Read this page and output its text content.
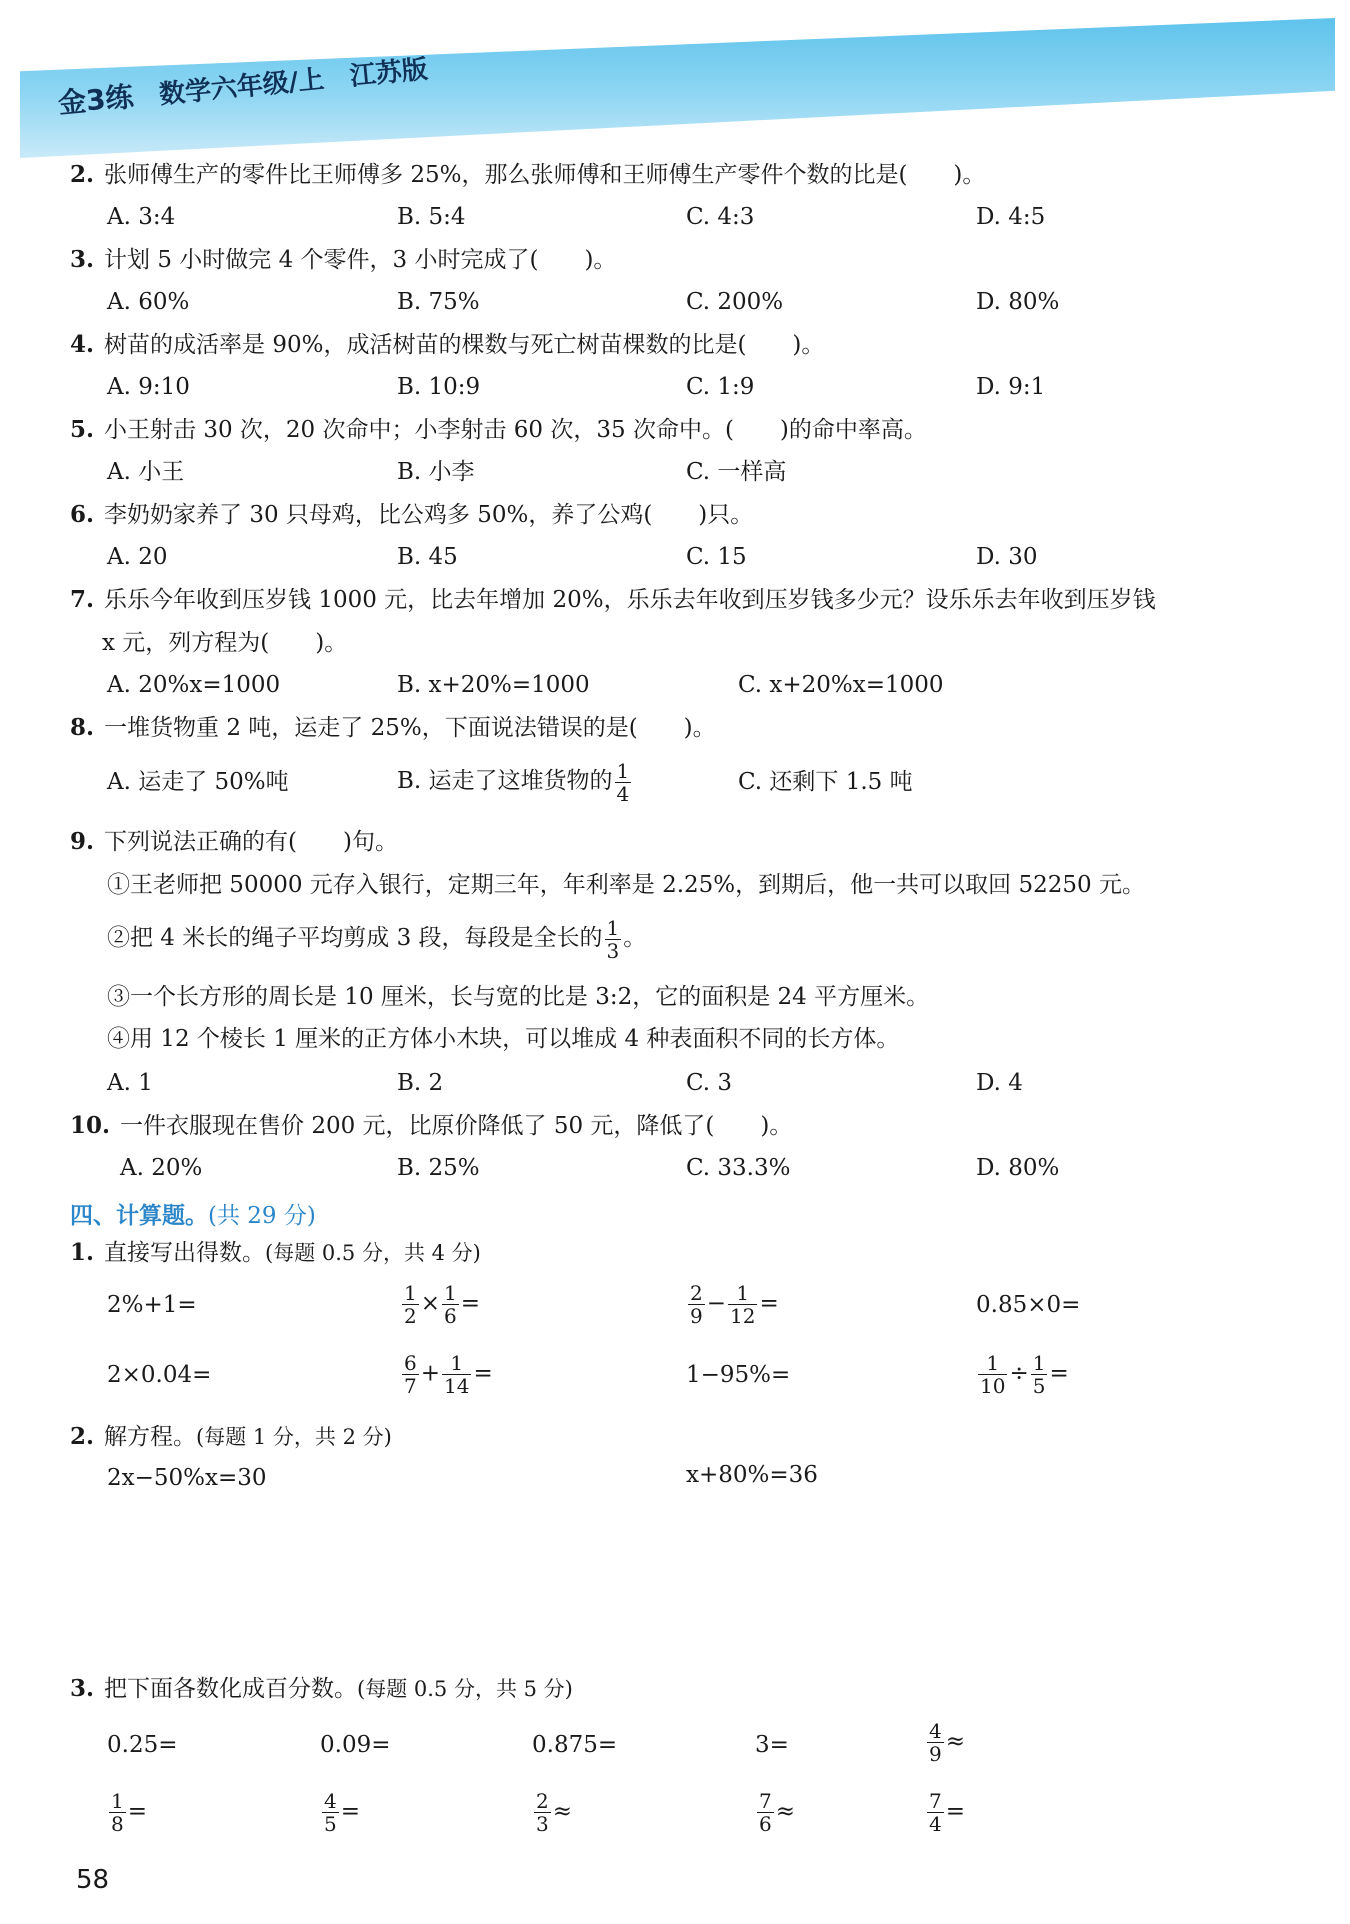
金3练 数学六年级/上 江苏版
2. 张师傅生产的零件比王师傅多 25%，那么张师傅和王师傅生产零件个数的比是(　　)。
A. 3:4	B. 5:4	C. 4:3	D. 4:5
3. 计划 5 小时做完 4 个零件，3 小时完成了(　　)。
A. 60%	B. 75%	C. 200%	D. 80%
4. 树苗的成活率是 90%，成活树苗的棵数与死亡树苗棵数的比是(　　)。
A. 9:10	B. 10:9	C. 1:9	D. 9:1
5. 小王射击 30 次，20 次命中；小李射击 60 次，35 次命中。(　　)的命中率高。
A. 小王	B. 小李	C. 一样高
6. 李奶奶家养了 30 只母鸡，比公鸡多 50%，养了公鸡(　　)只。
A. 20	B. 45	C. 15	D. 30
7. 乐乐今年收到压岁钱 1000 元，比去年增加 20%，乐乐去年收到压岁钱多少元？设乐乐去年收到压岁钱
x 元，列方程为(　　)。
A. 20%x=1000	B. x+20%=1000	C. x+20%x=1000
8. 一堆货物重 2 吨，运走了 25%，下面说法错误的是(　　)。
A. 运走了 50%吨	B. 运走了这堆货物的 $\frac{1}{4}$	C. 还剩下 1.5 吨
9. 下列说法正确的有(　　)句。
①王老师把 50000 元存入银行，定期三年，年利率是 2.25%，到期后，他一共可以取回 52250 元。
②把 4 米长的绳子平均剪成 3 段，每段是全长的 $\frac{1}{3}$ 。
③一个长方形的周长是 10 厘米，长与宽的比是 3:2，它的面积是 24 平方厘米。
④用 12 个棱长 1 厘米的正方体小木块，可以堆成 4 种表面积不同的长方体。
A. 1	B. 2	C. 3	D. 4
10. 一件衣服现在售价 200 元，比原价降低了 50 元，降低了(　　)。
A. 20%	B. 25%	C. 33.3%	D. 80%
四、计算题。(共 29 分)
1. 直接写出得数。(每题 0.5 分，共 4 分)
2%+1=	$\frac{1}{2} \times \frac{1}{6}$ =	$\frac{2}{9} - \frac{1}{12}$ =	0.85×0=
2×0.04=	$\frac{6}{7} + \frac{1}{14}$ =	1−95%=	$\frac{1}{10} \div \frac{1}{5}$ =
2. 解方程。(每题 1 分，共 2 分)
2x−50%x=30	x+80%=36
3. 把下面各数化成百分数。(每题 0.5 分，共 5 分)
0.25=	0.09=	0.875=	3=	$\frac{4}{9}$ ≈
$\frac{1}{8}$ =	$\frac{4}{5}$ =	$\frac{2}{3}$ ≈	$\frac{7}{6}$ ≈	$\frac{7}{4}$ =
58
